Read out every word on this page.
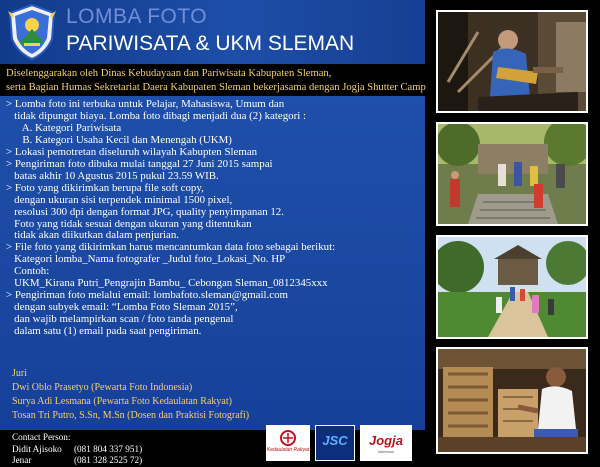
LOMBA FOTO
PARIWISATA & UKM SLEMAN
Diselenggarakan oleh Dinas Kebudayaan dan Pariwisata Kabupaten Sleman,
serta Bagian Humas Sekretariat Daera Kabupaten Sleman bekerjasama dengan Jogja Shutter Camp
> Lomba foto ini terbuka untuk Pelajar, Mahasiswa, Umum dan
tidak dipungut biaya. Lomba foto dibagi menjadi dua (2) kategori :
A. Kategori Pariwisata
B. Kategori Usaha Kecil dan Menengah (UKM)
> Lokasi pemotretan diseluruh wilayah Kabupten Sleman
> Pengiriman foto dibuka mulai tanggal 27 Juni 2015 sampai
batas akhir 10 Agustus 2015 pukul 23.59 WIB.
> Foto yang dikirimkan berupa file soft copy,
dengan ukuran sisi terpendek minimal 1500 pixel,
resolusi 300 dpi dengan format JPG, quality penyimpanan 12.
Foto yang tidak sesuai dengan ukuran yang ditentukan
tidak akan diikutkan dalam penjurian.
> File foto yang dikirimkan harus mencantumkan data foto sebagai berikut:
Kategori lomba_Nama fotografer _Judul foto_Lokasi_No. HP
Contoh:
UKM_Kirana Putri_Pengrajin Bambu_ Cebongan Sleman_0812345xxx
> Pengiriman foto melalui email: lombafoto.sleman@gmail.com
dengan subyek email: “Lomba Foto Sleman 2015”,
dan wajib melampirkan scan / foto tanda pengenal
dalam satu (1) email pada saat pengiriman.
Juri
Dwi Oblo Prasetyo (Pewarta Foto Indonesia)
Surya Adi Lesmana (Pewarta Foto Kedaulatan Rakyat)
Tosan Tri Putro, S.Sn, M.Sn (Dosen dan Praktisi Fotografi)
Contact Person:
Didit Ajisoko (081 804 337 951)
Jenar	(081 328 2525 72)
Kedaulatan Rakyat
JSC	Jogja
istimewa
